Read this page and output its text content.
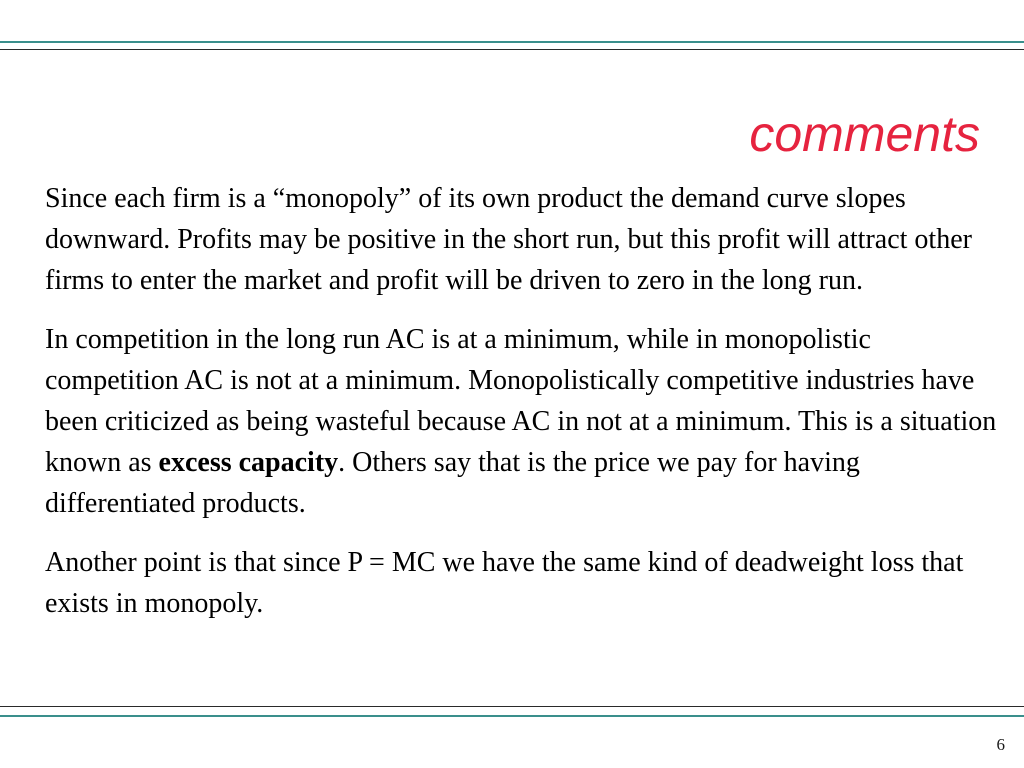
comments

Since each firm is a “monopoly” of its own product the demand curve slopes downward. Profits may be positive in the short run, but this profit will attract other firms to enter the market and profit will be driven to zero in the long run.

In competition in the long run AC is at a minimum, while in monopolistic competition AC is not at a minimum. Monopolistically competitive industries have been criticized as being wasteful because AC in not at a minimum. This is a situation known as excess capacity. Others say that is the price we pay for having differentiated products.

Another point is that since P = MC we have the same kind of deadweight loss that exists in monopoly.

6
